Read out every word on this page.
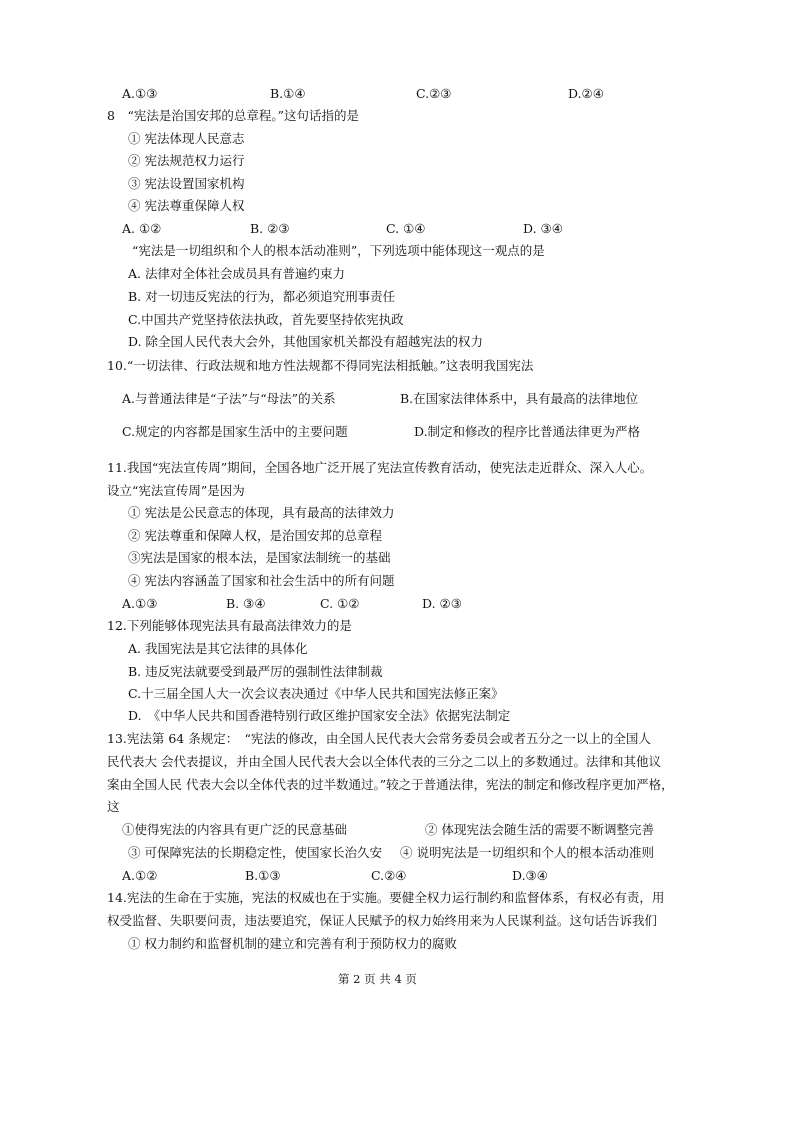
A.①③	B.①④	C.②③	D.②④
8　“宪法是治国安邦的总章程。”这句话指的是
① 宪法体现人民意志
② 宪法规范权力运行
③ 宪法设置国家机构
④ 宪法尊重保障人权
A. ①②	B. ②③	C. ①④	D. ③④
“宪法是一切组织和个人的根本活动准则”，下列选项中能体现这一观点的是
A. 法律对全体社会成员具有普遍约束力
B. 对一切违反宪法的行为，都必须追究刑事责任
C.中国共产党坚持依法执政，首先要坚持依宪执政
D. 除全国人民代表大会外，其他国家机关都没有超越宪法的权力
10.“一切法律、行政法规和地方性法规都不得同宪法相抵触。”这表明我国宪法
A.与普通法律是“子法”与“母法”的关系	B.在国家法律体系中，具有最高的法律地位
C.规定的内容都是国家生活中的主要问题	D.制定和修改的程序比普通法律更为严格
11.我国“宪法宣传周”期间，全国各地广泛开展了宪法宣传教育活动，使宪法走近群众、深入人心。
设立“宪法宣传周”是因为
① 宪法是公民意志的体现，具有最高的法律效力
② 宪法尊重和保障人权，是治国安邦的总章程
③宪法是国家的根本法，是国家法制统一的基础
④ 宪法内容涵盖了国家和社会生活中的所有问题
A.①③	B. ③④	C. ①②	D. ②③
12.下列能够体现宪法具有最高法律效力的是
A. 我国宪法是其它法律的具体化
B. 违反宪法就要受到最严厉的强制性法律制裁
C.十三届全国人大一次会议表决通过《中华人民共和国宪法修正案》
D.　《中华人民共和国香港特别行政区维护国家安全法》依据宪法制定
13.宪法第 64 条规定：　“宪法的修改，由全国人民代表大会常务委员会或者五分之一以上的全国人
民代表大 会代表提议，并由全国人民代表大会以全体代表的三分之二以上的多数通过。法律和其他议
案由全国人民 代表大会以全体代表的过半数通过。”较之于普通法律，宪法的制定和修改程序更加严格，
这
①使得宪法的内容具有更广泛的民意基础	② 体现宪法会随生活的需要不断调整完善
③ 可保障宪法的长期稳定性，使国家长治久安 ④ 说明宪法是一切组织和个人的根本活动准则
A.①②	B.①③	C.②④	D.③④
14.宪法的生命在于实施，宪法的权威也在于实施。要健全权力运行制约和监督体系，有权必有责，用
权受监督、失职要问责，违法要追究，保证人民赋予的权力始终用来为人民谋利益。这句话告诉我们
① 权力制约和监督机制的建立和完善有利于预防权力的腐败
第 2 页 共 4 页
